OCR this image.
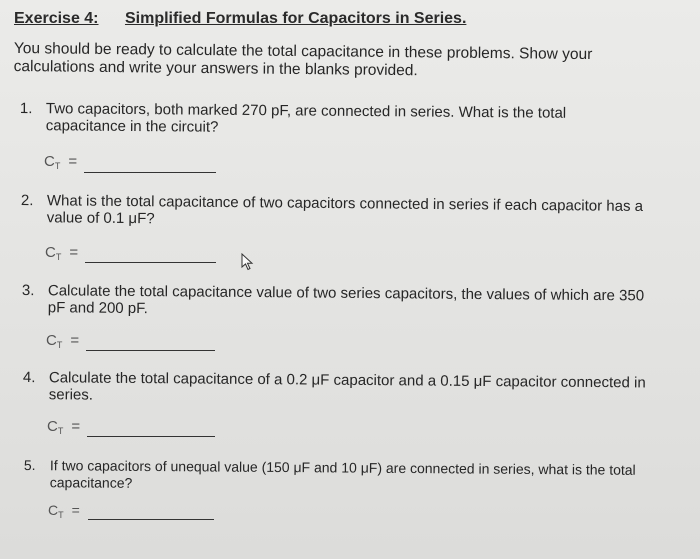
Exercise 4: Simplified Formulas for Capacitors in Series.
You should be ready to calculate the total capacitance in these problems. Show your calculations and write your answers in the blanks provided.
1. Two capacitors, both marked 270 pF, are connected in series. What is the total capacitance in the circuit?
$C_T$ =
2. What is the total capacitance of two capacitors connected in series if each capacitor has a value of 0.1 μF?
$C_T$ =
3. Calculate the total capacitance value of two series capacitors, the values of which are 350 pF and 200 pF.
$C_T$ =
4. Calculate the total capacitance of a 0.2 μF capacitor and a 0.15 μF capacitor connected in series.
$C_T$ =
5. If two capacitors of unequal value (150 μF and 10 μF) are connected in series, what is the total capacitance?
$C_T$ =
